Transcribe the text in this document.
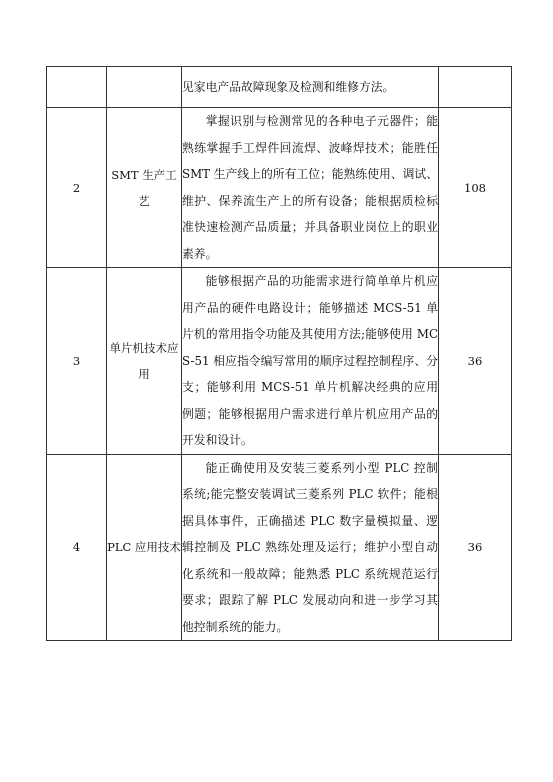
		见家电产品故障现象及检测和维修方法。	
2	SMT 生产工艺	掌握识别与检测常见的各种电子元器件；能熟练掌握手工焊件回流焊、波峰焊技术；能胜任 SMT 生产线上的所有工位；能熟练使用、调试、维护、保养流生产上的所有设备；能根据质检标准快速检测产品质量；并具备职业岗位上的职业素养。	108
3	单片机技术应用	能够根据产品的功能需求进行简单单片机应用产品的硬件电路设计；能够描述 MCS-51 单片机的常用指令功能及其使用方法;能够使用 MCS-51 相应指令编写常用的顺序过程控制程序、分支；能够利用 MCS-51 单片机解决经典的应用例题；能够根据用户需求进行单片机应用产品的开发和设计。	36
4	PLC 应用技术	能正确使用及安装三菱系列小型 PLC 控制系统;能完整安装调试三菱系列 PLC 软件；能根据具体事件，正确描述 PLC 数字量模拟量、逻辑控制及 PLC 熟练处理及运行；维护小型自动化系统和一般故障；能熟悉 PLC 系统规范运行要求；跟踪了解 PLC 发展动向和进一步学习其他控制系统的能力。	36
